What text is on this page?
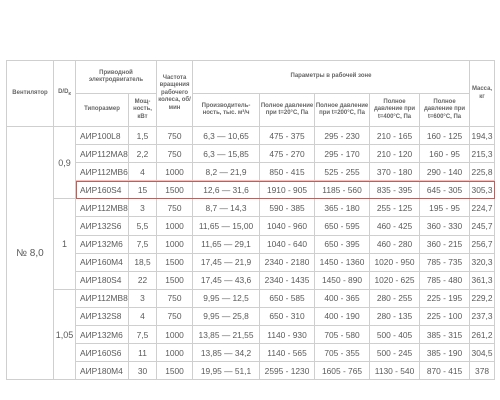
Вентилятор	$D/D_к$	Приводной электродвигатель		Частота вращения рабочего колеса, об/мин	Параметры в рабочей зоне					Масса, кг
		Типоразмер	Мощ-ность, кВт		Производитель-ность, тыс. м³/ч	Полное давление при t=20°С, Па	Полное давление при t=200°С, Па	Полное давление при t=400°С, Па	Полное давление при t=600°С, Па	
№ 8,0	0,9	АИР100L8	1,5	750	6,3 — 10,65	475 - 375	295 - 230	210 - 165	160 - 125	194,3
		АИР112МА8	2,2	750	6,3 — 15,85	475 - 270	295 - 170	210 - 120	160 - 95	215,3
		АИР112МВ6	4	1000	8,2 — 21,9	850 - 415	525 - 255	370 - 180	290 - 140	225,8
		АИР160S4	15	1500	12,6 — 31,6	1910 - 905	1185 - 560	835 - 395	645 - 305	305,3
	1	АИР112МВ8	3	750	8,7 — 14,3	590 - 385	365 - 180	255 - 125	195 - 95	224,7
		АИР132S6	5,5	1000	11,65 — 15,00	1040 - 960	650 - 595	460 - 425	360 - 330	245,7
		АИР132М6	7,5	1000	11,65 — 29,1	1040 - 640	650 - 395	460 - 280	360 - 215	256,7
		АИР160М4	18,5	1500	17,45 — 21,9	2340 - 2180	1450 - 1360	1020 - 950	785 - 735	320,3
		АИР180S4	22	1500	17,45 — 43,6	2340 - 1435	1450 - 890	1020 - 625	785 - 480	361,3
	1,05	АИР112МВ8	3	750	9,95 — 12,5	650 - 585	400 - 365	280 - 255	225 - 195	229,2
		АИР132S8	4	750	9,95 — 25,8	650 - 310	400 - 190	280 - 135	225 - 100	237,3
		АИР132М6	7,5	1000	13,85 — 21,55	1140 - 930	705 - 580	500 - 405	385 - 315	261,2
		АИР160S6	11	1000	13,85 — 34,2	1140 - 565	705 - 355	500 - 245	385 - 190	304,5
		АИР180М4	30	1500	19,95 — 51,1	2595 - 1230	1605 - 765	1130 - 540	870 - 415	378
